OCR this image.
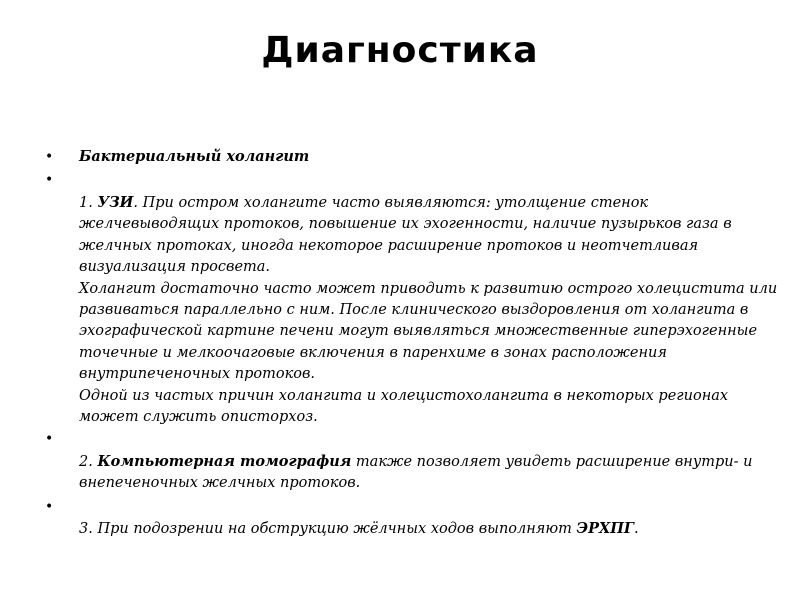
Диагностика
• Бактериальный холангит
•
1. УЗИ. При остром холангите часто выявляются: утолщение стенок
желчевыводящих протоков, повышение их эхогенности, наличие пузырьков газа в
желчных протоках, иногда некоторое расширение протоков и неотчетливая
визуализация просвета.
Холангит достаточно часто может приводить к развитию острого холецистита или
развиваться параллельно с ним. После клинического выздоровления от холангита в
эхографической картине печени могут выявляться множественные гиперэхогенные
точечные и мелкоочаговые включения в паренхиме в зонах расположения
внутрипеченочных протоков.
Одной из частых причин холангита и холецистохолангита в некоторых регионах
может служить описторхоз.
•
2. Компьютерная томография также позволяет увидеть расширение внутри- и
внепеченочных желчных протоков.
•
3. При подозрении на обструкцию жёлчных ходов выполняют ЭРХПГ.
